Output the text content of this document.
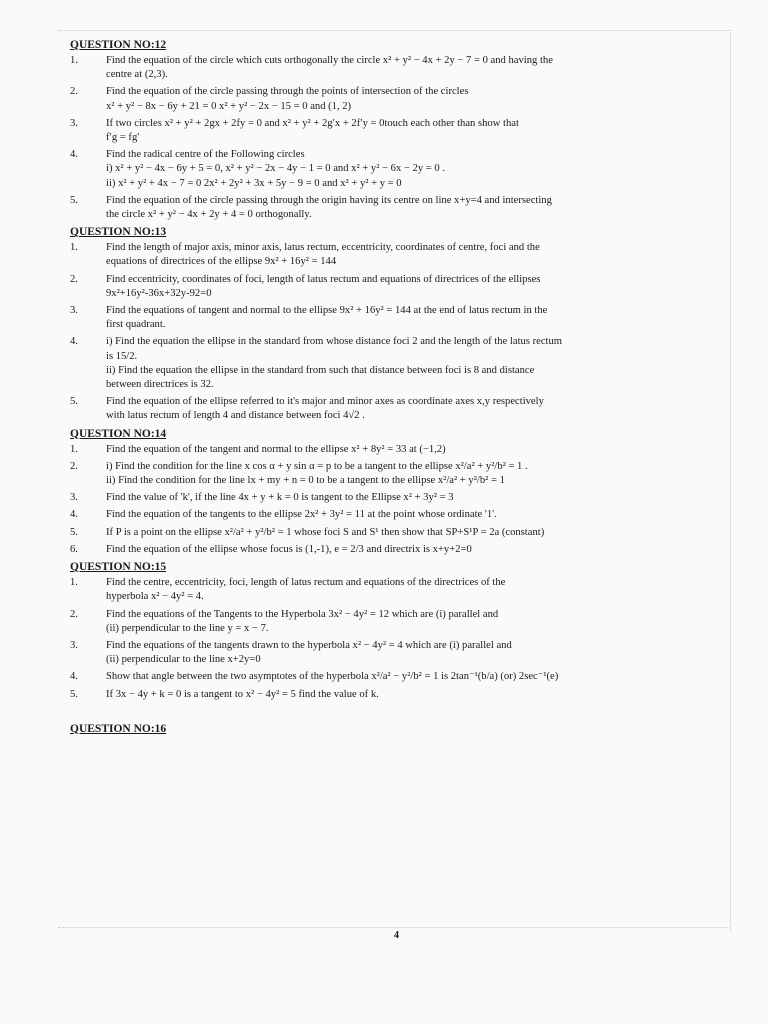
QUESTION NO:12
1.	Find the equation of the circle which cuts orthogonally the circle x² + y² − 4x + 2y − 7 = 0 and having the
centre at (2,3).
2.	Find the equation of the circle passing through the points of intersection of the circles
x² + y² − 8x − 6y + 21 = 0 x² + y² − 2x − 15 = 0 and (1, 2)
3.	If two circles x² + y² + 2gx + 2fy = 0 and x² + y² + 2g′x + 2f′y = 0touch each other than show that
f′g = fg′
4.	Find the radical centre of the Following circles
i) x² + y² − 4x − 6y + 5 = 0, x² + y² − 2x − 4y − 1 = 0 and x² + y² − 6x − 2y = 0 .
ii) x² + y² + 4x − 7 = 0 2x² + 2y² + 3x + 5y − 9 = 0 and x² + y² + y = 0
5.	Find the equation of the circle passing through the origin having its centre on line x+y=4 and intersecting
the circle x² + y² − 4x + 2y + 4 = 0 orthogonally.
QUESTION NO:13
1.	Find the length of major axis, minor axis, latus rectum, eccentricity, coordinates of centre, foci and the
equations of directrices of the ellipse 9x² + 16y² = 144
2.	Find eccentricity, coordinates of foci, length of latus rectum and equations of directrices of the ellipses
9x²+16y²-36x+32y-92=0
3.	Find the equations of tangent and normal to the ellipse 9x² + 16y² = 144 at the end of latus rectum in the
first quadrant.
4.	i) Find the equation the ellipse in the standard from whose distance foci 2 and the length of the latus rectum
is 15/2.
ii) Find the equation the ellipse in the standard from such that distance between foci is 8 and distance
between directrices is 32.
5.	Find the equation of the ellipse referred to it's major and minor axes as coordinate axes x,y respectively
with latus rectum of length 4 and distance between foci 4√2 .
QUESTION NO:14
1.	Find the equation of the tangent and normal to the ellipse x² + 8y² = 33 at (−1,2)
2.	i) Find the condition for the line x cos α + y sin α = p to be a tangent to the ellipse x²/a² + y²/b² = 1 .
ii) Find the condition for the line lx + my + n = 0 to be a tangent to the ellipse x²/a² + y²/b² = 1
3.	Find the value of 'k', if the line 4x + y + k = 0 is tangent to the Ellipse x² + 3y² = 3
4.	Find the equation of the tangents to the ellipse 2x² + 3y² = 11 at the point whose ordinate '1'.
5.	If P is a point on the ellipse x²/a² + y²/b² = 1 whose foci S and S¹ then show that SP+S¹P = 2a (constant)
6.	Find the equation of the ellipse whose focus is (1,-1), e = 2/3 and directrix is x+y+2=0
QUESTION NO:15
1.	Find the centre, eccentricity, foci, length of latus rectum and equations of the directrices of the
hyperbola x² − 4y² = 4.
2.	Find the equations of the Tangents to the Hyperbola 3x² − 4y² = 12 which are (i) parallel and
(ii) perpendicular to the line y = x − 7.
3.	Find the equations of the tangents drawn to the hyperbola x² − 4y² = 4 which are (i) parallel and
(ii) perpendicular to the line x+2y=0
4.	Show that angle between the two asymptotes of the hyperbola x²/a² − y²/b² = 1 is 2tan⁻¹(b/a) (or) 2sec⁻¹(e)
5.	If 3x − 4y + k = 0 is a tangent to x² − 4y² = 5 find the value of k.
QUESTION NO:16
4
